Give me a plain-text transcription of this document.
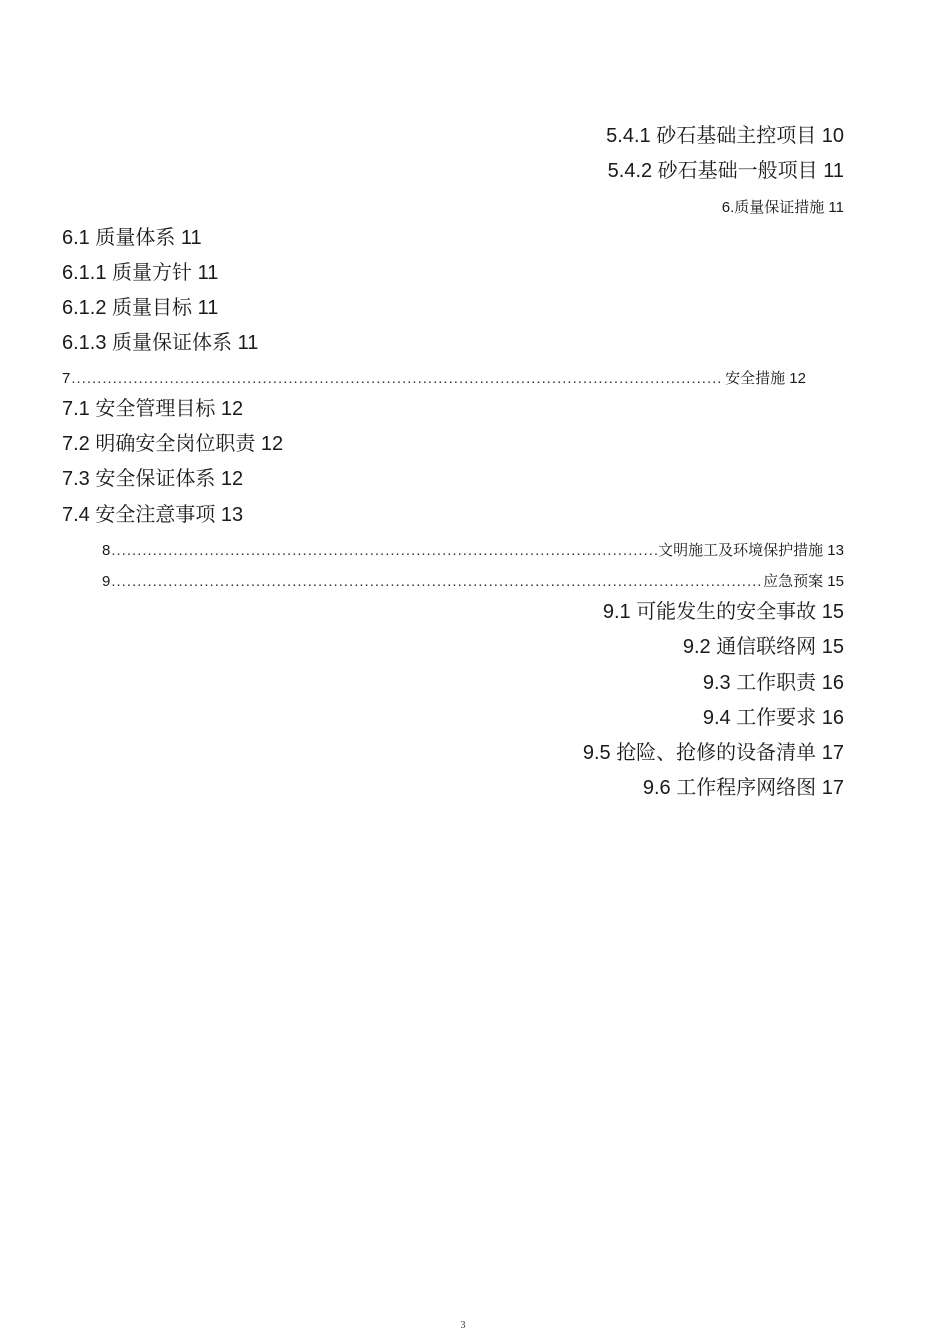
5.4.1 砂石基础主控项目 10
5.4.2 砂石基础一般项目 11
6.质量保证措施 11
6.1 质量体系 11
6.1.1 质量方针 11
6.1.2 质量目标 11
6.1.3 质量保证体系 11
7 .....	安全措施 12
7.1 安全管理目标 12
7.2 明确安全岗位职责 12
7.3 安全保证体系 12
7.4 安全注意事项 13
8 .....	文明施工及环境保护措施 13
9 .....	应急预案 15
9.1 可能发生的安全事故 15
9.2 通信联络网 15
9.3 工作职责 16
9.4 工作要求 16
9.5 抢险、抢修的设备清单 17
9.6 工作程序网络图 17
3
